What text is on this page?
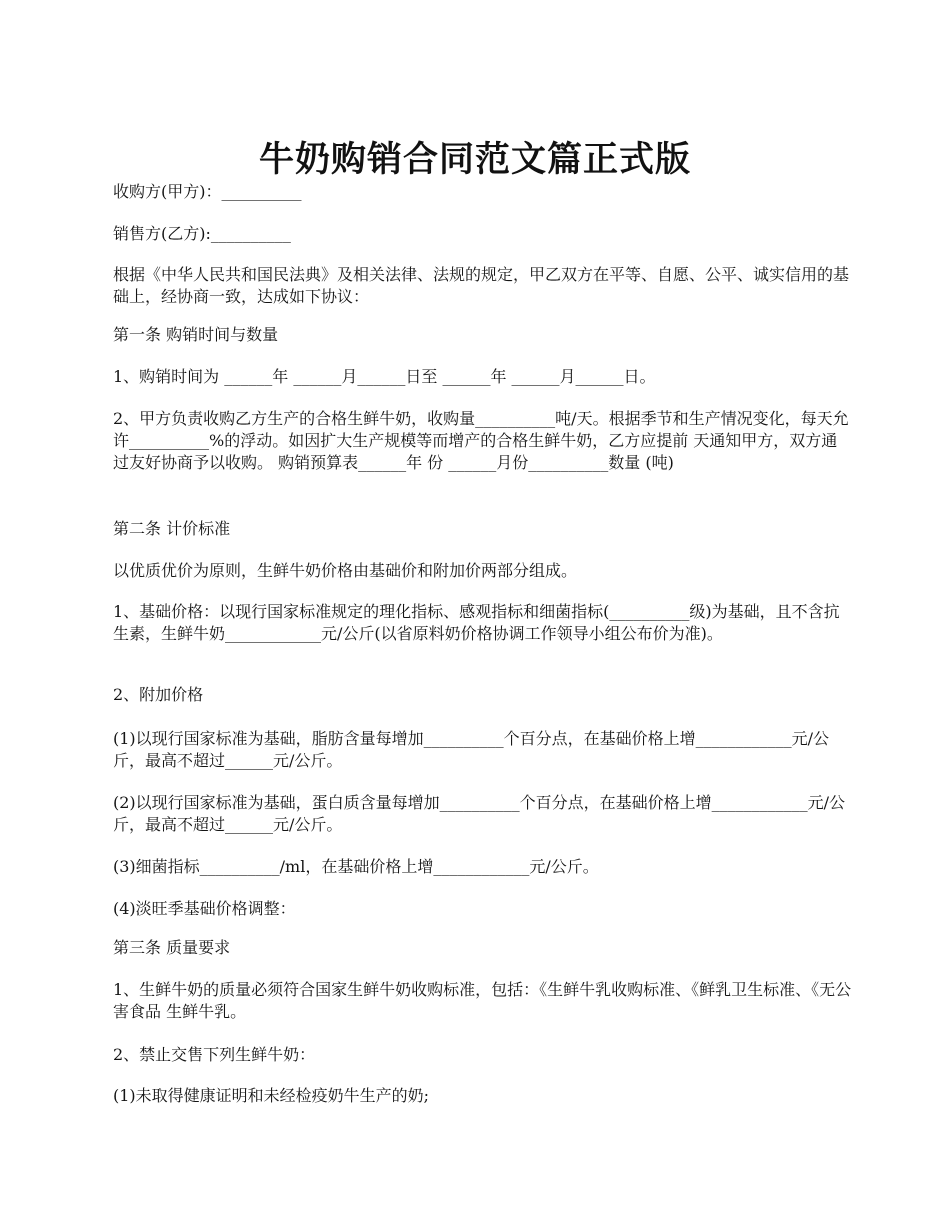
牛奶购销合同范文篇正式版

收购方(甲方)：__________

销售方(乙方):__________

根据《中华人民共和国民法典》及相关法律、法规的规定，甲乙双方在平等、自愿、公平、诚实信用的基础上，经协商一致，达成如下协议：

第一条 购销时间与数量

1、购销时间为 ______年 ______月______日至 ______年 ______月______日。

2、甲方负责收购乙方生产的合格生鲜牛奶，收购量__________吨/天。根据季节和生产情况变化，每天允许__________%的浮动。如因扩大生产规模等而增产的合格生鲜牛奶，乙方应提前 天通知甲方，双方通过友好协商予以收购。 购销预算表______年 份 ______月份__________数量 (吨)

第二条 计价标准

以优质优价为原则，生鲜牛奶价格由基础价和附加价两部分组成。

1、基础价格：以现行国家标准规定的理化指标、感观指标和细菌指标(__________级)为基础，且不含抗生素，生鲜牛奶____________元/公斤(以省原料奶价格协调工作领导小组公布价为准)。

2、附加价格

(1)以现行国家标准为基础，脂肪含量每增加__________个百分点，在基础价格上增____________元/公斤，最高不超过______元/公斤。

(2)以现行国家标准为基础，蛋白质含量每增加__________个百分点，在基础价格上增____________元/公斤，最高不超过______元/公斤。

(3)细菌指标__________/ml，在基础价格上增____________元/公斤。

(4)淡旺季基础价格调整：

第三条 质量要求

1、生鲜牛奶的质量必须符合国家生鲜牛奶收购标准，包括：《生鲜牛乳收购标准、《鲜乳卫生标准、《无公害食品 生鲜牛乳。

2、禁止交售下列生鲜牛奶：

(1)未取得健康证明和未经检疫奶牛生产的奶;
